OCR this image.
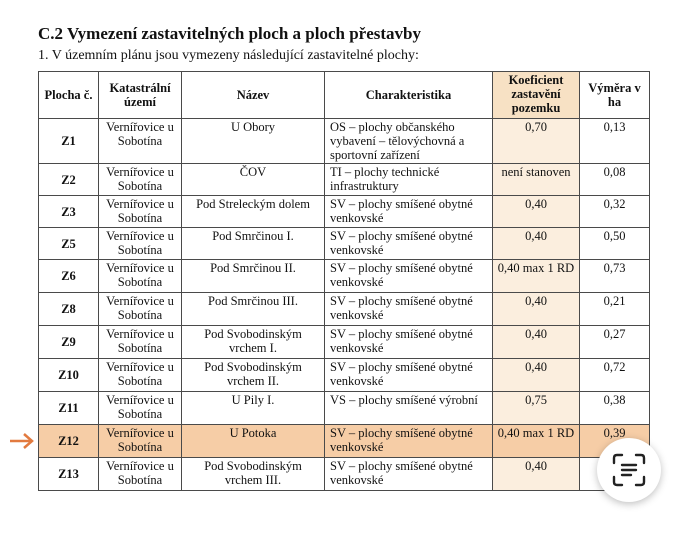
C.2 Vymezení zastavitelných ploch a ploch přestavby
1. V územním plánu jsou vymezeny následující zastavitelné plochy:
Plocha č.	Katastrální území	Název	Charakteristika	Koeficient zastavění pozemku	Výměra v ha
Z1	Vernířovice u Sobotína	U Obory	OS – plochy občanského vybavení – tělovýchovná a sportovní zařízení	0,70	0,13
Z2	Vernířovice u Sobotína	ČOV	TI – plochy technické infrastruktury	není stanoven	0,08
Z3	Vernířovice u Sobotína	Pod Streleckým dolem	SV – plochy smíšené obytné venkovské	0,40	0,32
Z5	Vernířovice u Sobotína	Pod Smrčinou I.	SV – plochy smíšené obytné venkovské	0,40	0,50
Z6	Vernířovice u Sobotína	Pod Smrčinou II.	SV – plochy smíšené obytné venkovské	0,40 max 1 RD	0,73
Z8	Vernířovice u Sobotína	Pod Smrčinou III.	SV – plochy smíšené obytné venkovské	0,40	0,21
Z9	Vernířovice u Sobotína	Pod Svobodinským vrchem I.	SV – plochy smíšené obytné venkovské	0,40	0,27
Z10	Vernířovice u Sobotína	Pod Svobodinským vrchem II.	SV – plochy smíšené obytné venkovské	0,40	0,72
Z11	Vernířovice u Sobotína	U Pily I.	VS – plochy smíšené výrobní	0,75	0,38
Z12	Vernířovice u Sobotína	U Potoka	SV – plochy smíšené obytné venkovské	0,40 max 1 RD	0,39
Z13	Vernířovice u Sobotína	Pod Svobodinským vrchem III.	SV – plochy smíšené obytné venkovské	0,40	
